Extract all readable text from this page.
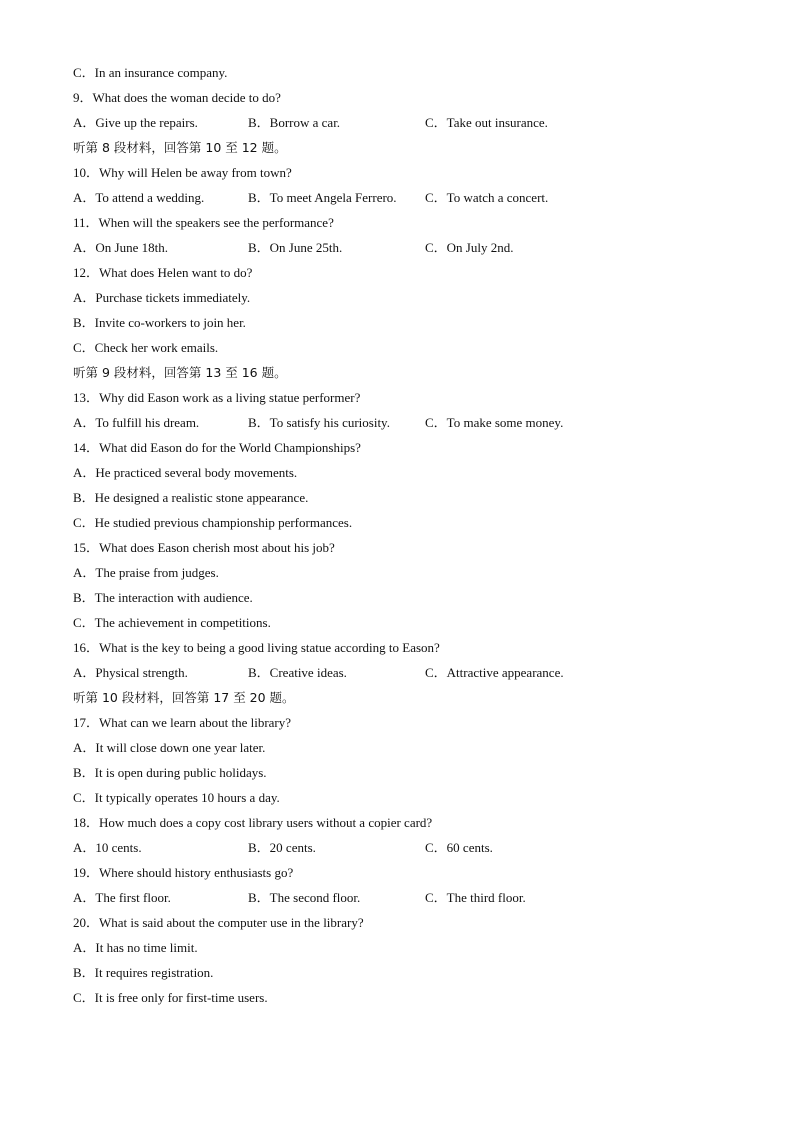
C．In an insurance company.

9．What does the woman decide to do?

A．Give up the repairs.

	B．Borrow a car.

	C．Take out insurance.

听第 8 段材料，回答第 10 至 12 题。

10．Why will Helen be away from town?

A．To attend a wedding.

	B．To meet Angela Ferrero.

C．To watch a concert.

11．When will the speakers see the performance?

A．On June 18th.

	B．On June 25th.

	C．On July 2nd.

12．What does Helen want to do?

A．Purchase tickets immediately.

B．Invite co-workers to join her.

C．Check her work emails.

听第 9 段材料，回答第 13 至 16 题。

13．Why did Eason work as a living statue performer?

A．To fulfill his dream.

	B．To satisfy his curiosity.

	C．To make some money.

14．What did Eason do for the World Championships?

A．He practiced several body movements.

B．He designed a realistic stone appearance.

C．He studied previous championship performances.

15．What does Eason cherish most about his job?

A．The praise from judges.

B．The interaction with audience.

C．The achievement in competitions.

16．What is the key to being a good living statue according to Eason?

A．Physical strength.

	B．Creative ideas.

	C．Attractive appearance.

听第 10 段材料，回答第 17 至 20 题。

17．What can we learn about the library?

A．It will close down one year later.

B．It is open during public holidays.

C．It typically operates 10 hours a day.

18．How much does a copy cost library users without a copier card?

A．10 cents.

	B．20 cents.

	C．60 cents.

19．Where should history enthusiasts go?

A．The first floor.

	B．The second floor.

	C．The third floor.

20．What is said about the computer use in the library?

A．It has no time limit.

B．It requires registration.

C．It is free only for first-time users.
